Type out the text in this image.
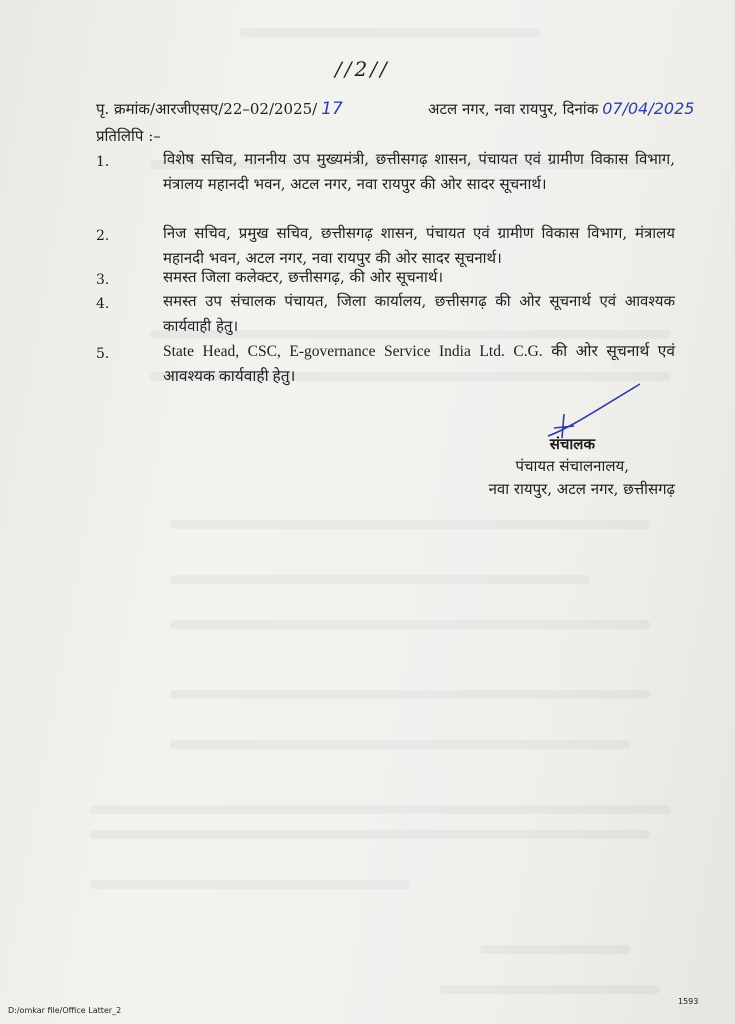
//2//
पृ. क्रमांक/आरजीएसए/22–02/2025/ 17	अटल नगर, नवा रायपुर, दिनांक 07/04/2025
प्रतिलिपि :–
1.	विशेष सचिव, माननीय उप मुख्यमंत्री, छत्तीसगढ़ शासन, पंचायत एवं ग्रामीण विकास विभाग, मंत्रालय महानदी भवन, अटल नगर, नवा रायपुर की ओर सादर सूचनार्थ।
2.	निज सचिव, प्रमुख सचिव, छत्तीसगढ़ शासन, पंचायत एवं ग्रामीण विकास विभाग, मंत्रालय महानदी भवन, अटल नगर, नवा रायपुर की ओर सादर सूचनार्थ।
3.	समस्त जिला कलेक्टर, छत्तीसगढ़, की ओर सूचनार्थ।
4.	समस्त उप संचालक पंचायत, जिला कार्यालय, छत्तीसगढ़ की ओर सूचनार्थ एवं आवश्यक कार्यवाही हेतु।
5.	State Head, CSC, E-governance Service India Ltd. C.G. की ओर सूचनार्थ एवं आवश्यक कार्यवाही हेतु।
संचालक
पंचायत संचालनालय,
नवा रायपुर, अटल नगर, छत्तीसगढ़
D:/omkar file/Office Latter_2
1593
